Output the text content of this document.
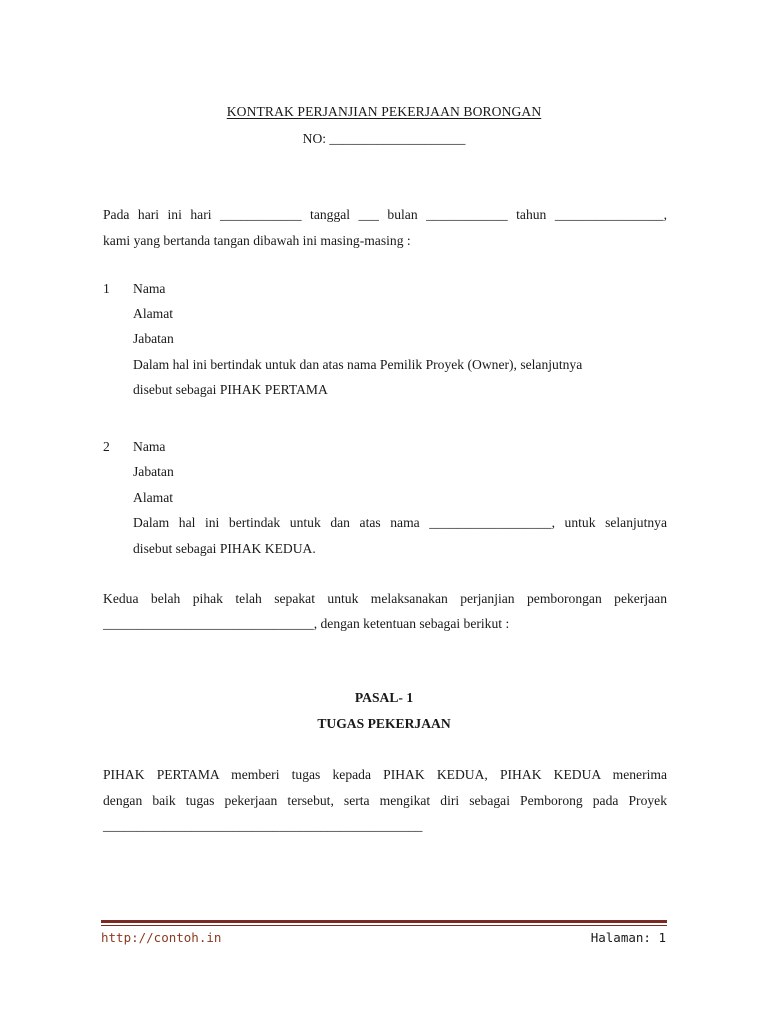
KONTRAK PERJANJIAN PEKERJAAN BORONGAN
NO: ____________________
Pada hari ini hari ____________ tanggal ___ bulan ____________ tahun ________________,
kami yang bertanda tangan dibawah ini masing-masing :
1 Nama
Alamat
Jabatan
Dalam hal ini bertindak untuk dan atas nama Pemilik Proyek (Owner), selanjutnya
disebut sebagai PIHAK PERTAMA
2 Nama
Jabatan
Alamat
Dalam hal ini bertindak untuk dan atas nama __________________, untuk selanjutnya
disebut sebagai PIHAK KEDUA.
Kedua belah pihak telah sepakat untuk melaksanakan perjanjian pemborongan pekerjaan
_______________________________, dengan ketentuan sebagai berikut :
PASAL- 1
TUGAS PEKERJAAN
PIHAK PERTAMA memberi tugas kepada PIHAK KEDUA, PIHAK KEDUA menerima
dengan baik tugas pekerjaan tersebut, serta mengikat diri sebagai Pemborong pada Proyek
_______________________________________________
http://contoh.in	Halaman: 1
